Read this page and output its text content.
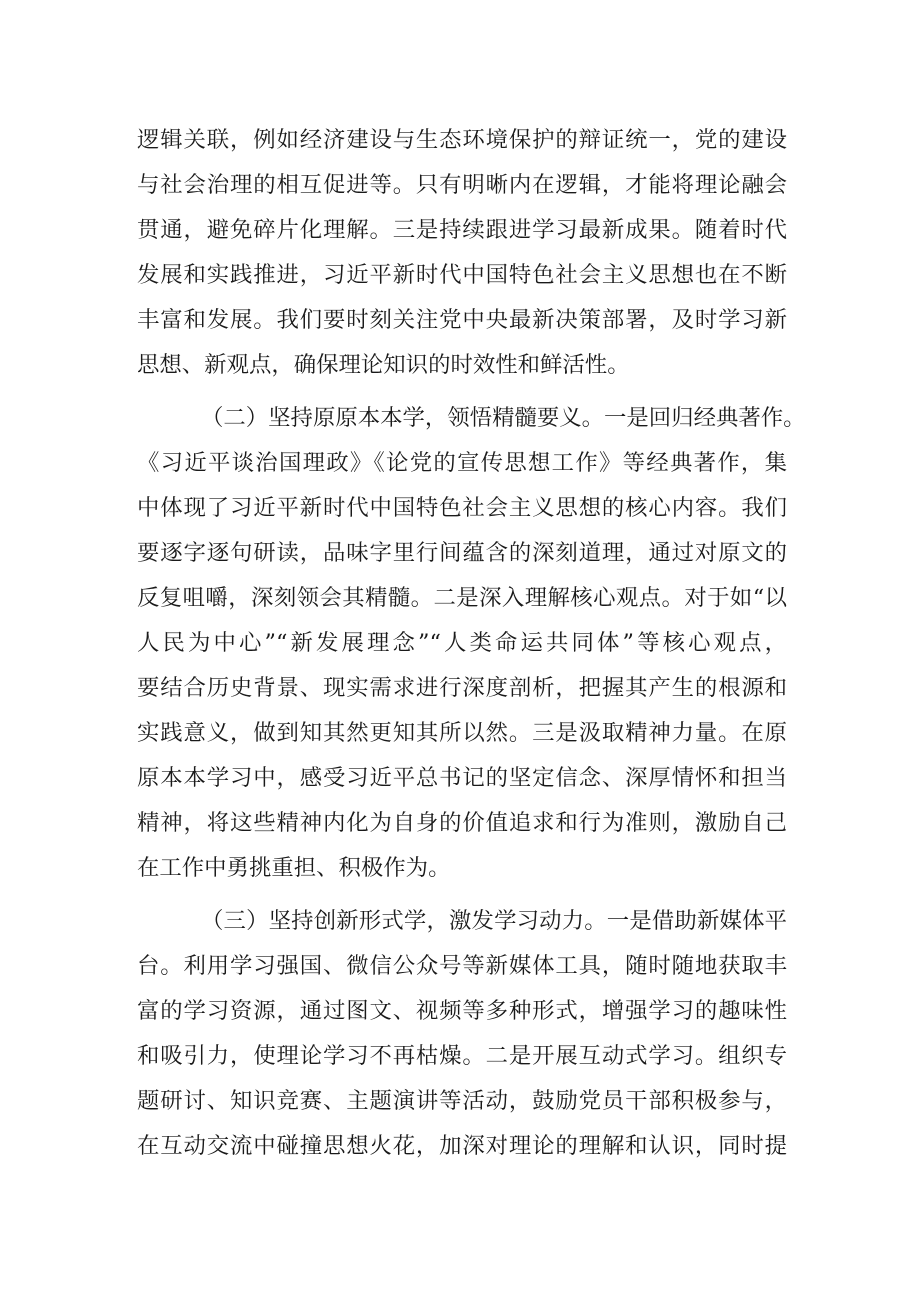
逻辑关联，例如经济建设与生态环境保护的辩证统一，党的建设
与社会治理的相互促进等。只有明晰内在逻辑，才能将理论融会
贯通，避免碎片化理解。三是持续跟进学习最新成果。随着时代
发展和实践推进，习近平新时代中国特色社会主义思想也在不断
丰富和发展。我们要时刻关注党中央最新决策部署，及时学习新
思想、新观点，确保理论知识的时效性和鲜活性。
（二）坚持原原本本学，领悟精髓要义。一是回归经典著作。
《习近平谈治国理政》《论党的宣传思想工作》等经典著作，集
中体现了习近平新时代中国特色社会主义思想的核心内容。我们
要逐字逐句研读，品味字里行间蕴含的深刻道理，通过对原文的
反复咀嚼，深刻领会其精髓。二是深入理解核心观点。对于如“以
人民为中心”“新发展理念”“人类命运共同体”等核心观点，
要结合历史背景、现实需求进行深度剖析，把握其产生的根源和
实践意义，做到知其然更知其所以然。三是汲取精神力量。在原
原本本学习中，感受习近平总书记的坚定信念、深厚情怀和担当
精神，将这些精神内化为自身的价值追求和行为准则，激励自己
在工作中勇挑重担、积极作为。
（三）坚持创新形式学，激发学习动力。一是借助新媒体平
台。利用学习强国、微信公众号等新媒体工具，随时随地获取丰
富的学习资源，通过图文、视频等多种形式，增强学习的趣味性
和吸引力，使理论学习不再枯燥。二是开展互动式学习。组织专
题研讨、知识竞赛、主题演讲等活动，鼓励党员干部积极参与，
在互动交流中碰撞思想火花，加深对理论的理解和认识，同时提
